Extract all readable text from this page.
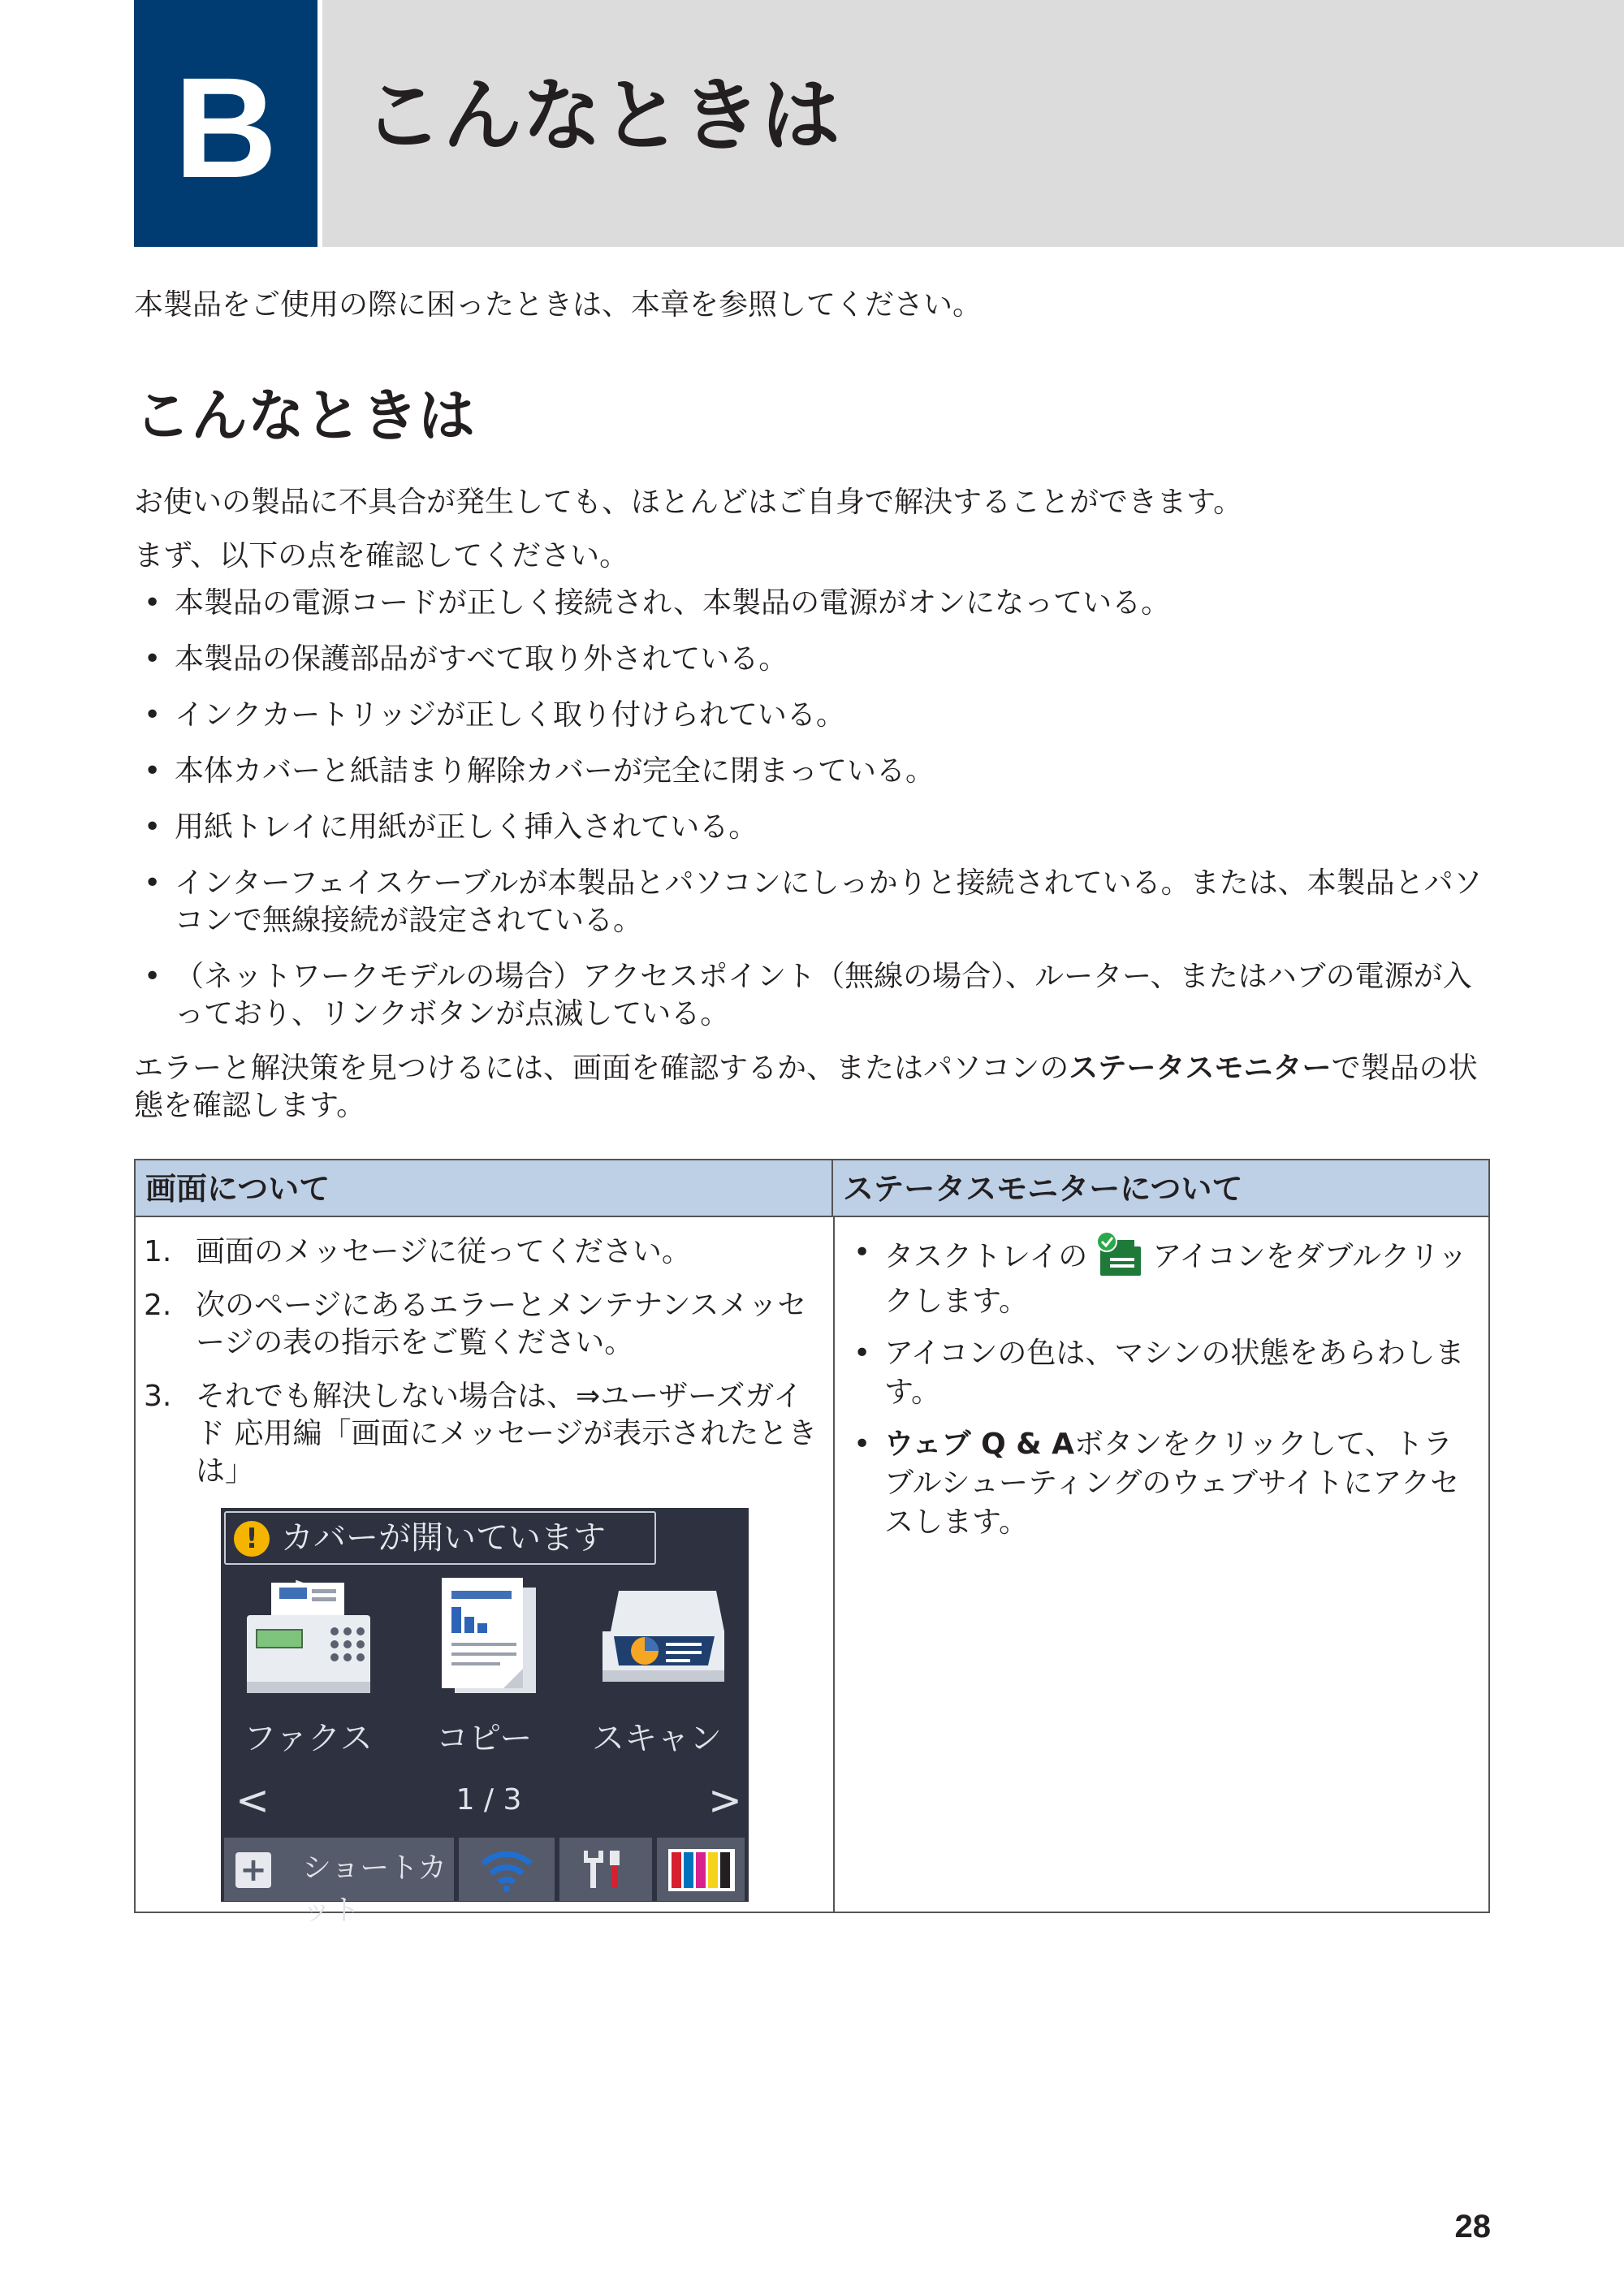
B	こんなときは
本製品をご使用の際に困ったときは、本章を参照してください。
こんなときは

お使いの製品に不具合が発生しても、ほとんどはご自身で解決することができます。

まず、以下の点を確認してください。

• 本製品の電源コードが正しく接続され、本製品の電源がオンになっている。
• 本製品の保護部品がすべて取り外されている。
• インクカートリッジが正しく取り付けられている。
• 本体カバーと紙詰まり解除カバーが完全に閉まっている。
• 用紙トレイに用紙が正しく挿入されている。
• インターフェイスケーブルが本製品とパソコンにしっかりと接続されている。または、本製品とパソコンで無線接続が設定されている。
• （ネットワークモデルの場合）アクセスポイント（無線の場合）、ルーター、またはハブの電源が入っており、リンクボタンが点滅している。

エラーと解決策を見つけるには、画面を確認するか、またはパソコンのステータスモニターで製品の状態を確認します。

画面について	ステータスモニターについて
1. 画面のメッセージに従ってください。
2. 次のページにあるエラーとメンテナンスメッセージの表の指示をご覧ください。
3. それでも解決しない場合は、⇒ユーザーズガイド 応用編「画面にメッセージが表示されたときは」
! カバーが開いています
ファクス コピー スキャン
<	1 / 3	>
+ ショートカット
• タスクトレイの アイコンをダブルクリックします。
• アイコンの色は、マシンの状態をあらわします。
• ウェブ Q & Aボタンをクリックして、トラブルシューティングのウェブサイトにアクセスします。
28
